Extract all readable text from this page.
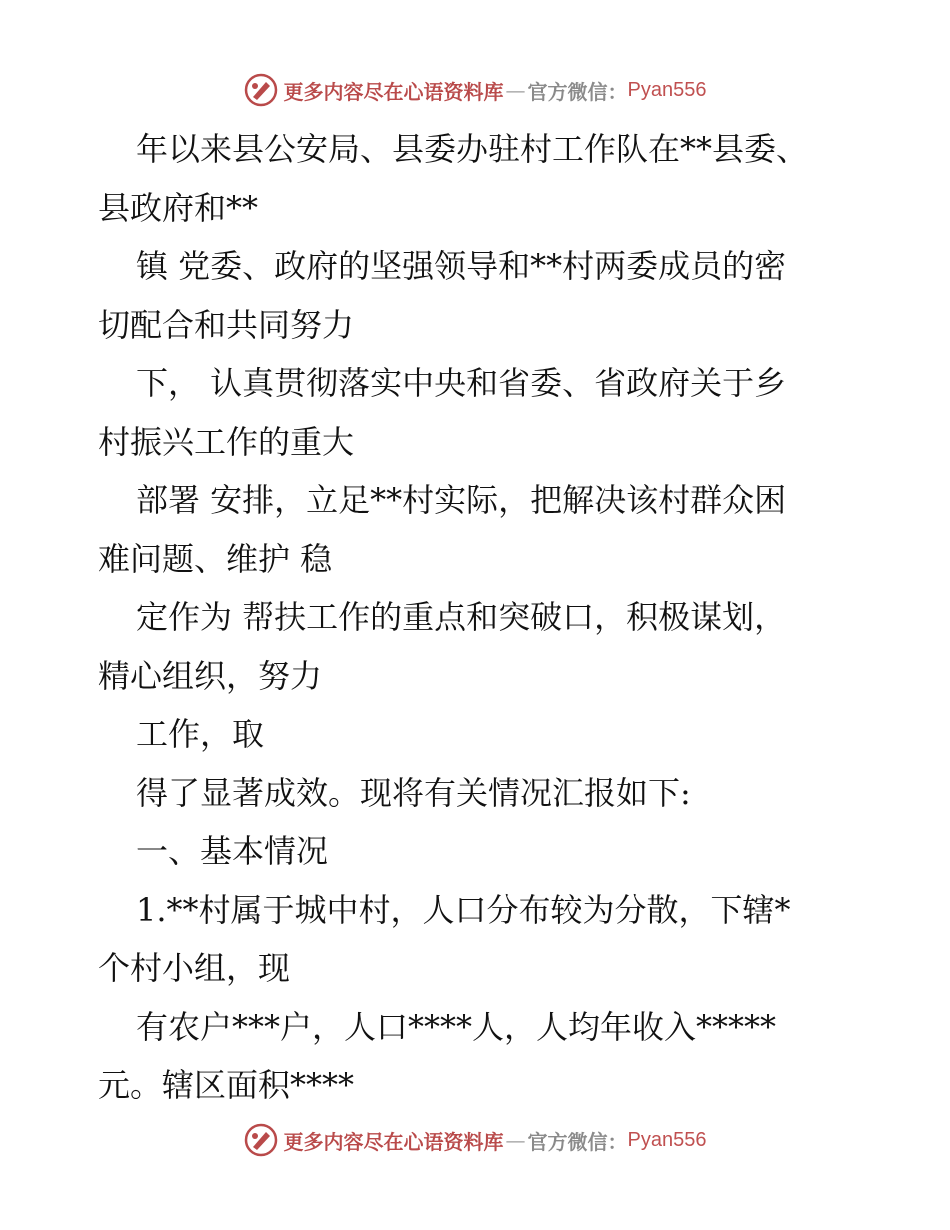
更多内容尽在心语资料库 — 官方微信： Pyan556
年以来县公安局、县委办驻村工作队在**县委、
县政府和**
镇 党委、政府的坚强领导和**村两委成员的密
切配合和共同努力
下， 认真贯彻落实中央和省委、省政府关于乡
村振兴工作的重大
部署 安排，立足**村实际，把解决该村群众困
难问题、维护 稳
定作为 帮扶工作的重点和突破口，积极谋划，
精心组织，努力
工作，取
得了显著成效。现将有关情况汇报如下:
一、基本情况
1.**村属于城中村，人口分布较为分散，下辖*
个村小组，现
有农户***户，人口****人，人均年收入*****
元。辖区面积****
更多内容尽在心语资料库 — 官方微信： Pyan556
